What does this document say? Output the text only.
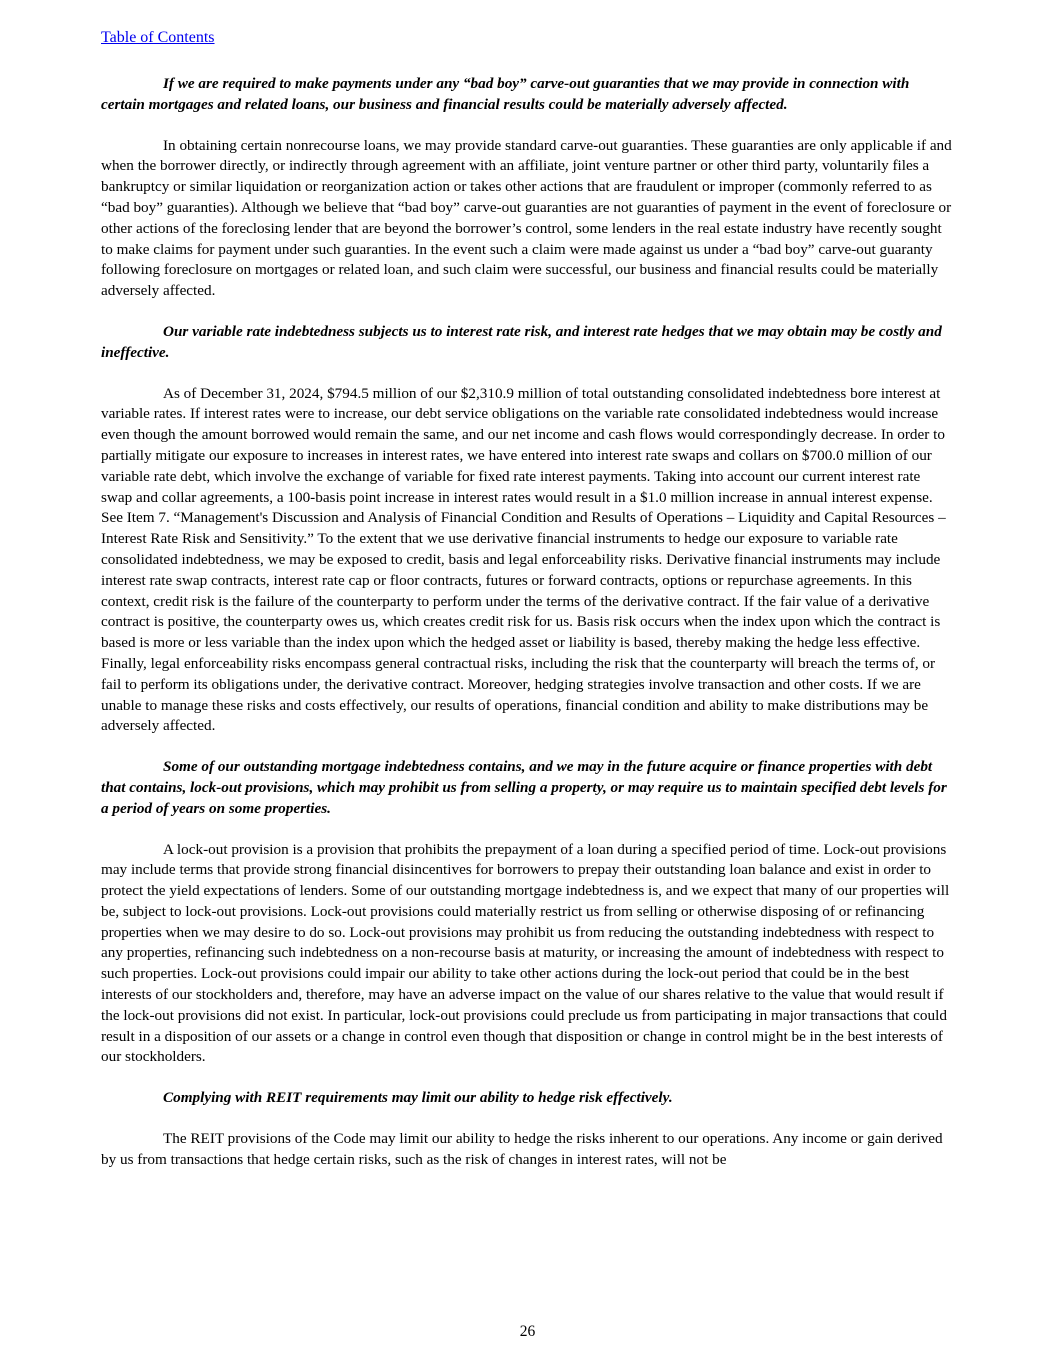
Table of Contents

If we are required to make payments under any “bad boy” carve-out guaranties that we may provide in connection with certain mortgages and related loans, our business and financial results could be materially adversely affected.

In obtaining certain nonrecourse loans, we may provide standard carve-out guaranties. These guaranties are only applicable if and when the borrower directly, or indirectly through agreement with an affiliate, joint venture partner or other third party, voluntarily files a bankruptcy or similar liquidation or reorganization action or takes other actions that are fraudulent or improper (commonly referred to as “bad boy” guaranties). Although we believe that “bad boy” carve-out guaranties are not guaranties of payment in the event of foreclosure or other actions of the foreclosing lender that are beyond the borrower’s control, some lenders in the real estate industry have recently sought to make claims for payment under such guaranties. In the event such a claim were made against us under a “bad boy” carve-out guaranty following foreclosure on mortgages or related loan, and such claim were successful, our business and financial results could be materially adversely affected.

Our variable rate indebtedness subjects us to interest rate risk, and interest rate hedges that we may obtain may be costly and ineffective.

As of December 31, 2024, $794.5 million of our $2,310.9 million of total outstanding consolidated indebtedness bore interest at variable rates. If interest rates were to increase, our debt service obligations on the variable rate consolidated indebtedness would increase even though the amount borrowed would remain the same, and our net income and cash flows would correspondingly decrease. In order to partially mitigate our exposure to increases in interest rates, we have entered into interest rate swaps and collars on $700.0 million of our variable rate debt, which involve the exchange of variable for fixed rate interest payments. Taking into account our current interest rate swap and collar agreements, a 100-basis point increase in interest rates would result in a $1.0 million increase in annual interest expense. See Item 7. “Management's Discussion and Analysis of Financial Condition and Results of Operations – Liquidity and Capital Resources – Interest Rate Risk and Sensitivity.” To the extent that we use derivative financial instruments to hedge our exposure to variable rate consolidated indebtedness, we may be exposed to credit, basis and legal enforceability risks. Derivative financial instruments may include interest rate swap contracts, interest rate cap or floor contracts, futures or forward contracts, options or repurchase agreements. In this context, credit risk is the failure of the counterparty to perform under the terms of the derivative contract. If the fair value of a derivative contract is positive, the counterparty owes us, which creates credit risk for us. Basis risk occurs when the index upon which the contract is based is more or less variable than the index upon which the hedged asset or liability is based, thereby making the hedge less effective. Finally, legal enforceability risks encompass general contractual risks, including the risk that the counterparty will breach the terms of, or fail to perform its obligations under, the derivative contract. Moreover, hedging strategies involve transaction and other costs. If we are unable to manage these risks and costs effectively, our results of operations, financial condition and ability to make distributions may be adversely affected.

Some of our outstanding mortgage indebtedness contains, and we may in the future acquire or finance properties with debt that contains, lock-out provisions, which may prohibit us from selling a property, or may require us to maintain specified debt levels for a period of years on some properties.

A lock-out provision is a provision that prohibits the prepayment of a loan during a specified period of time. Lock-out provisions may include terms that provide strong financial disincentives for borrowers to prepay their outstanding loan balance and exist in order to protect the yield expectations of lenders. Some of our outstanding mortgage indebtedness is, and we expect that many of our properties will be, subject to lock-out provisions. Lock-out provisions could materially restrict us from selling or otherwise disposing of or refinancing properties when we may desire to do so. Lock-out provisions may prohibit us from reducing the outstanding indebtedness with respect to any properties, refinancing such indebtedness on a non-recourse basis at maturity, or increasing the amount of indebtedness with respect to such properties. Lock-out provisions could impair our ability to take other actions during the lock-out period that could be in the best interests of our stockholders and, therefore, may have an adverse impact on the value of our shares relative to the value that would result if the lock-out provisions did not exist. In particular, lock-out provisions could preclude us from participating in major transactions that could result in a disposition of our assets or a change in control even though that disposition or change in control might be in the best interests of our stockholders.

Complying with REIT requirements may limit our ability to hedge risk effectively.

The REIT provisions of the Code may limit our ability to hedge the risks inherent to our operations. Any income or gain derived by us from transactions that hedge certain risks, such as the risk of changes in interest rates, will not be

26
